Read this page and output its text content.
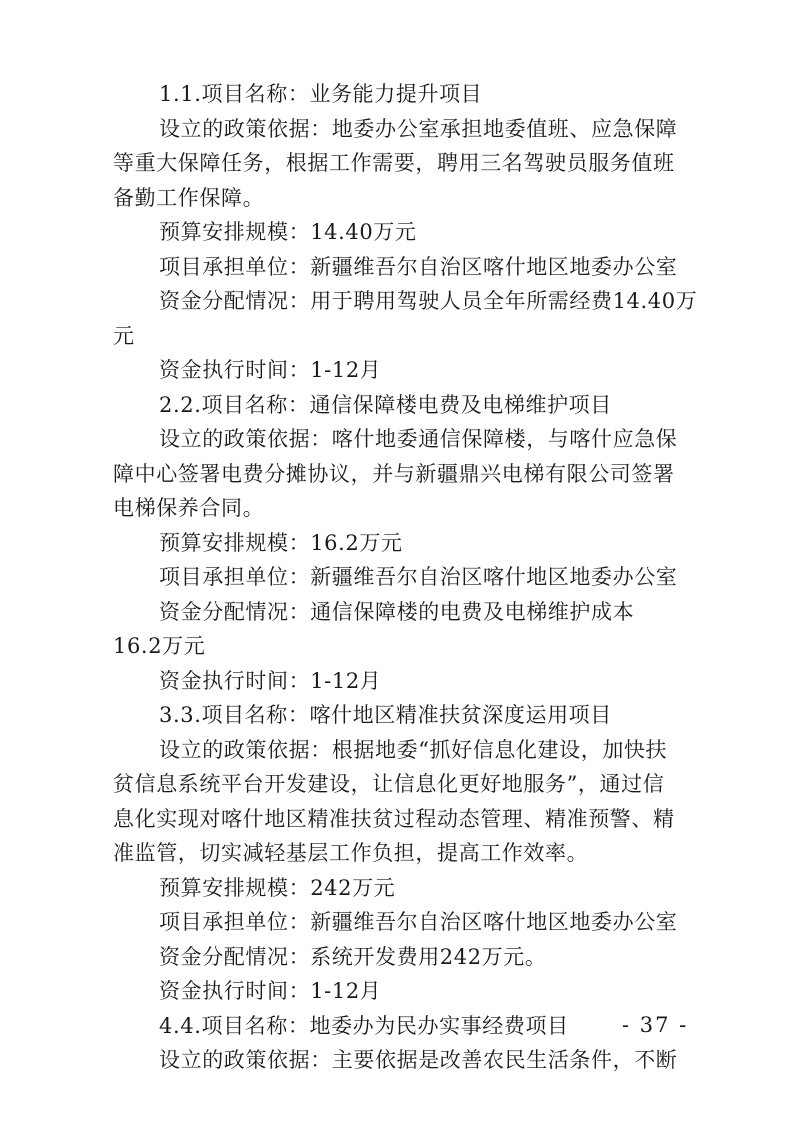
1.1.项目名称：业务能力提升项目
设立的政策依据：地委办公室承担地委值班、应急保障
等重大保障任务，根据工作需要，聘用三名驾驶员服务值班
备勤工作保障。
预算安排规模：14.40万元
项目承担单位：新疆维吾尔自治区喀什地区地委办公室
资金分配情况：用于聘用驾驶人员全年所需经费14.40万
元
资金执行时间：1-12月
2.2.项目名称：通信保障楼电费及电梯维护项目
设立的政策依据：喀什地委通信保障楼，与喀什应急保
障中心签署电费分摊协议，并与新疆鼎兴电梯有限公司签署
电梯保养合同。
预算安排规模：16.2万元
项目承担单位：新疆维吾尔自治区喀什地区地委办公室
资金分配情况：通信保障楼的电费及电梯维护成本
16.2万元
资金执行时间：1-12月
3.3.项目名称：喀什地区精准扶贫深度运用项目
设立的政策依据：根据地委“抓好信息化建设，加快扶
贫信息系统平台开发建设，让信息化更好地服务”，通过信
息化实现对喀什地区精准扶贫过程动态管理、精准预警、精
准监管，切实减轻基层工作负担，提高工作效率。
预算安排规模：242万元
项目承担单位：新疆维吾尔自治区喀什地区地委办公室
资金分配情况：系统开发费用242万元。
资金执行时间：1-12月
4.4.项目名称：地委办为民办实事经费项目
设立的政策依据：主要依据是改善农民生活条件，不断
- 37 -
